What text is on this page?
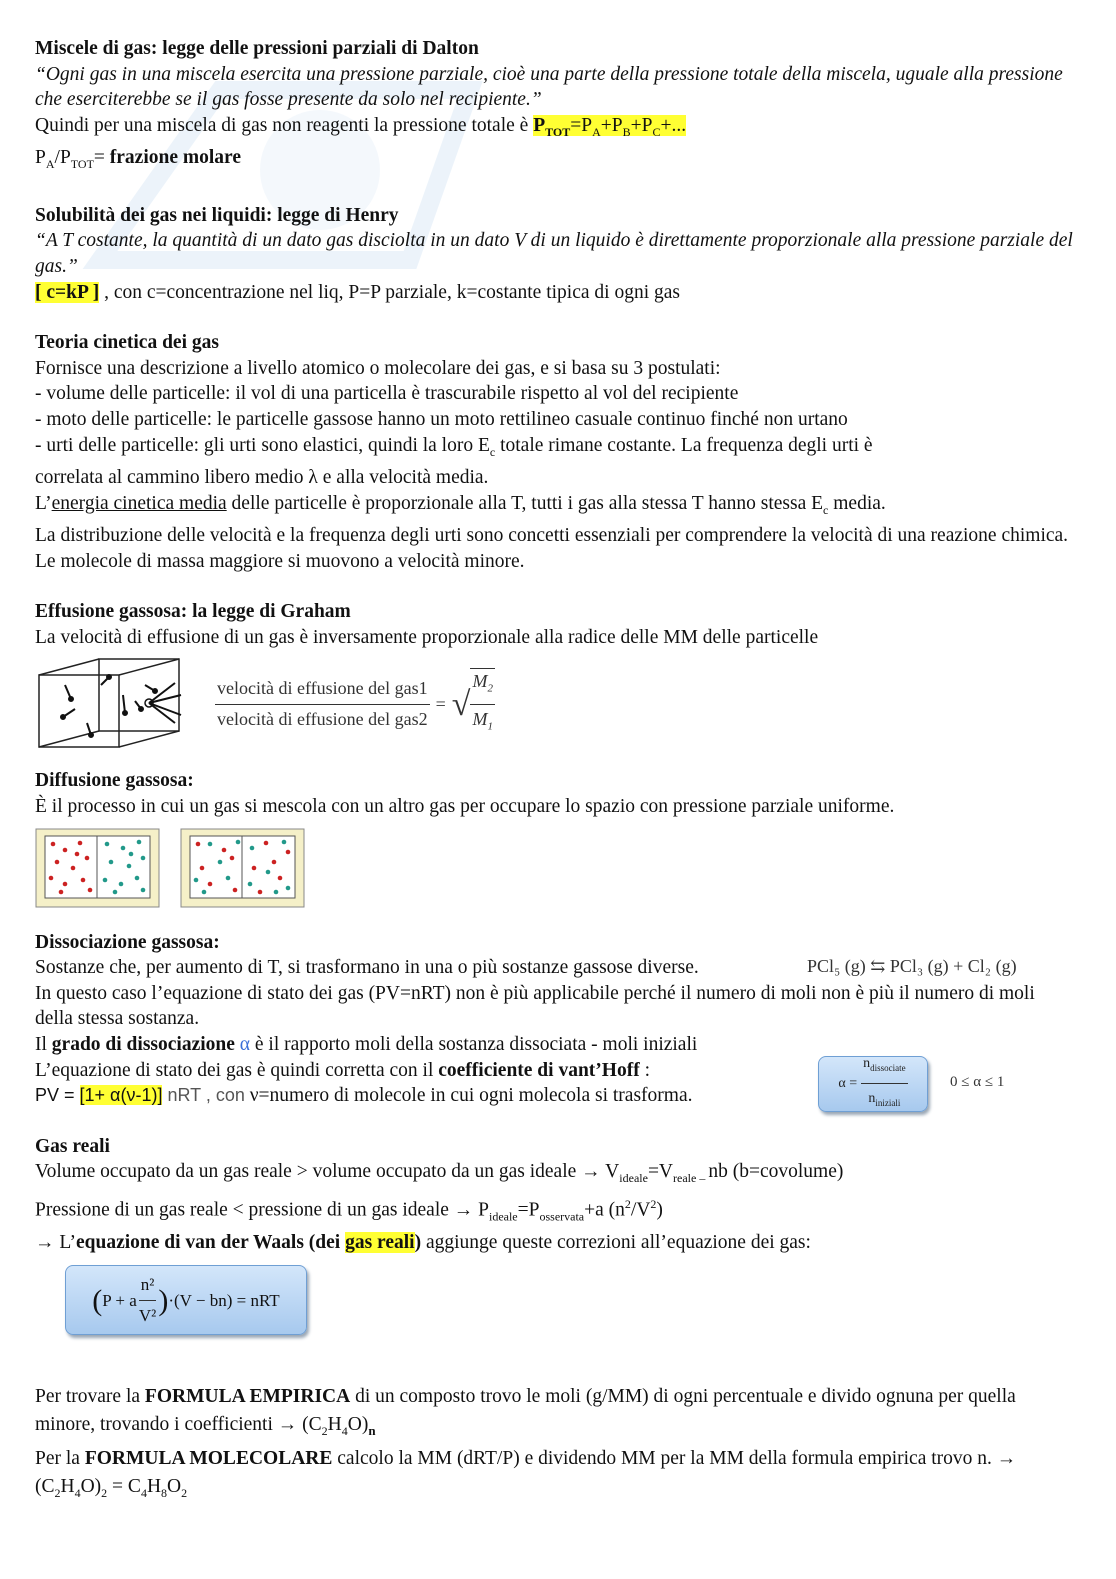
Miscele di gas: legge delle pressioni parziali di Dalton

“Ogni gas in una miscela esercita una pressione parziale, cioè una parte della pressione totale della miscela, uguale alla pressione che eserciterebbe se il gas fosse presente da solo nel recipiente.”

Quindi per una miscela di gas non reagenti la pressione totale è $P_{TOT}=P_A+P_B+P_C+$...

$P_A/P_{TOT}=$ frazione molare

Solubilità dei gas nei liquidi: legge di Henry

“A T costante, la quantità di un dato gas disciolta in un dato V di un liquido è direttamente proporzionale alla pressione parziale del gas.”

[ c=kP ] , con c=concentrazione nel liq, P=P parziale, k=costante tipica di ogni gas

Teoria cinetica dei gas

Fornisce una descrizione a livello atomico o molecolare dei gas, e si basa su 3 postulati:

- volume delle particelle: il vol di una particella è trascurabile rispetto al vol del recipiente

- moto delle particelle: le particelle gassose hanno un moto rettilineo casuale continuo finché non urtano

- urti delle particelle: gli urti sono elastici, quindi la loro $E_c$ totale rimane costante. La frequenza degli urti è

correlata al cammino libero medio λ e alla velocità media.

L’energia cinetica media delle particelle è proporzionale alla T, tutti i gas alla stessa T hanno stessa $E_c$ media.

La distribuzione delle velocità e la frequenza degli urti sono concetti essenziali per comprendere la velocità di una reazione chimica.

Le molecole di massa maggiore si muovono a velocità minore.

Effusione gassosa: la legge di Graham

La velocità di effusione di un gas è inversamente proporzionale alla radice delle MM delle particelle

$\frac{\text{velocità di effusione del gas1}}{\text{velocità di effusione del gas2}}$ = √ $\frac{M_2}{M_1}$

Diffusione gassosa:

È il processo in cui un gas si mescola con un altro gas per occupare lo spazio con pressione parziale uniforme.

Dissociazione gassosa:

Sostanze che, per aumento di T, si trasformano in una o più sostanze gassose diverse.	PCl₅ (g) ⇆ PCl₃ (g) + Cl₂ (g)

In questo caso l’equazione di stato dei gas (PV=nRT) non è più applicabile perché il numero di moli non è più il numero di moli della stessa sostanza.

Il grado di dissociazione α è il rapporto moli della sostanza dissociata - moli iniziali

$\alpha = \frac{n_{dissociate}}{n_{iniziali}}$	0 ≤ α ≤ 1

L’equazione di stato dei gas è quindi corretta con il coefficiente di vant’Hoff :

PV = [1+ α(ν-1)] nRT , con ν=numero di molecole in cui ogni molecola si trasforma.

Gas reali

Volume occupato da un gas reale > volume occupato da un gas ideale → $V_{ideale}=V_{reale -}$ nb (b=covolume)

Pressione di un gas reale < pressione di un gas ideale → $P_{ideale}=P_{osservata}+a$ $(n^2/V^2)$

→ L’equazione di van der Waals (dei gas reali) aggiunge queste correzioni all’equazione dei gas:

( P + a $\frac{\text{n²}}{\text{V²}}$ ) ·(V − bn) = nRT

Per trovare la FORMULA EMPIRICA di un composto trovo le moli (g/MM) di ogni percentuale e divido ognuna per quella minore, trovando i coefficienti → $(C_2H_4O)_n$

Per la FORMULA MOLECOLARE calcolo la MM (dRT/P) e dividendo MM per la MM della formula empirica trovo n. → $(C_2H_4O)_2 = C_4H_8O_2$
